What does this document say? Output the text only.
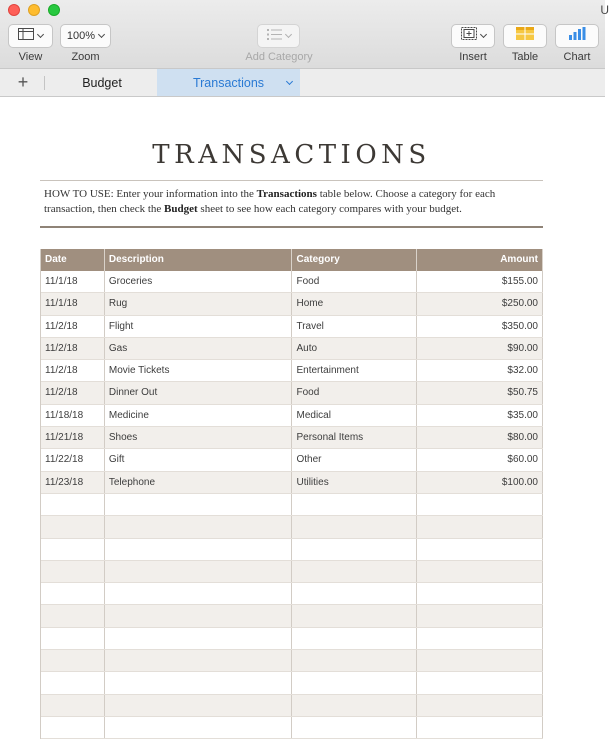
U
View
100%
Zoom	Add Category	Insert	Table	Chart
+	Budget	Transactions
TRANSACTIONS
HOW TO USE: Enter your information into the Transactions table below. Choose a category for each transaction, then check the Budget sheet to see how each category compares with your budget.
Date	Description	Category	Amount
11/1/18	Groceries	Food	$155.00
11/1/18	Rug	Home	$250.00
11/2/18	Flight	Travel	$350.00
11/2/18	Gas	Auto	$90.00
11/2/18	Movie Tickets	Entertainment	$32.00
11/2/18	Dinner Out	Food	$50.75
11/18/18	Medicine	Medical	$35.00
11/21/18	Shoes	Personal Items	$80.00
11/22/18	Gift	Other	$60.00
11/23/18	Telephone	Utilities	$100.00
